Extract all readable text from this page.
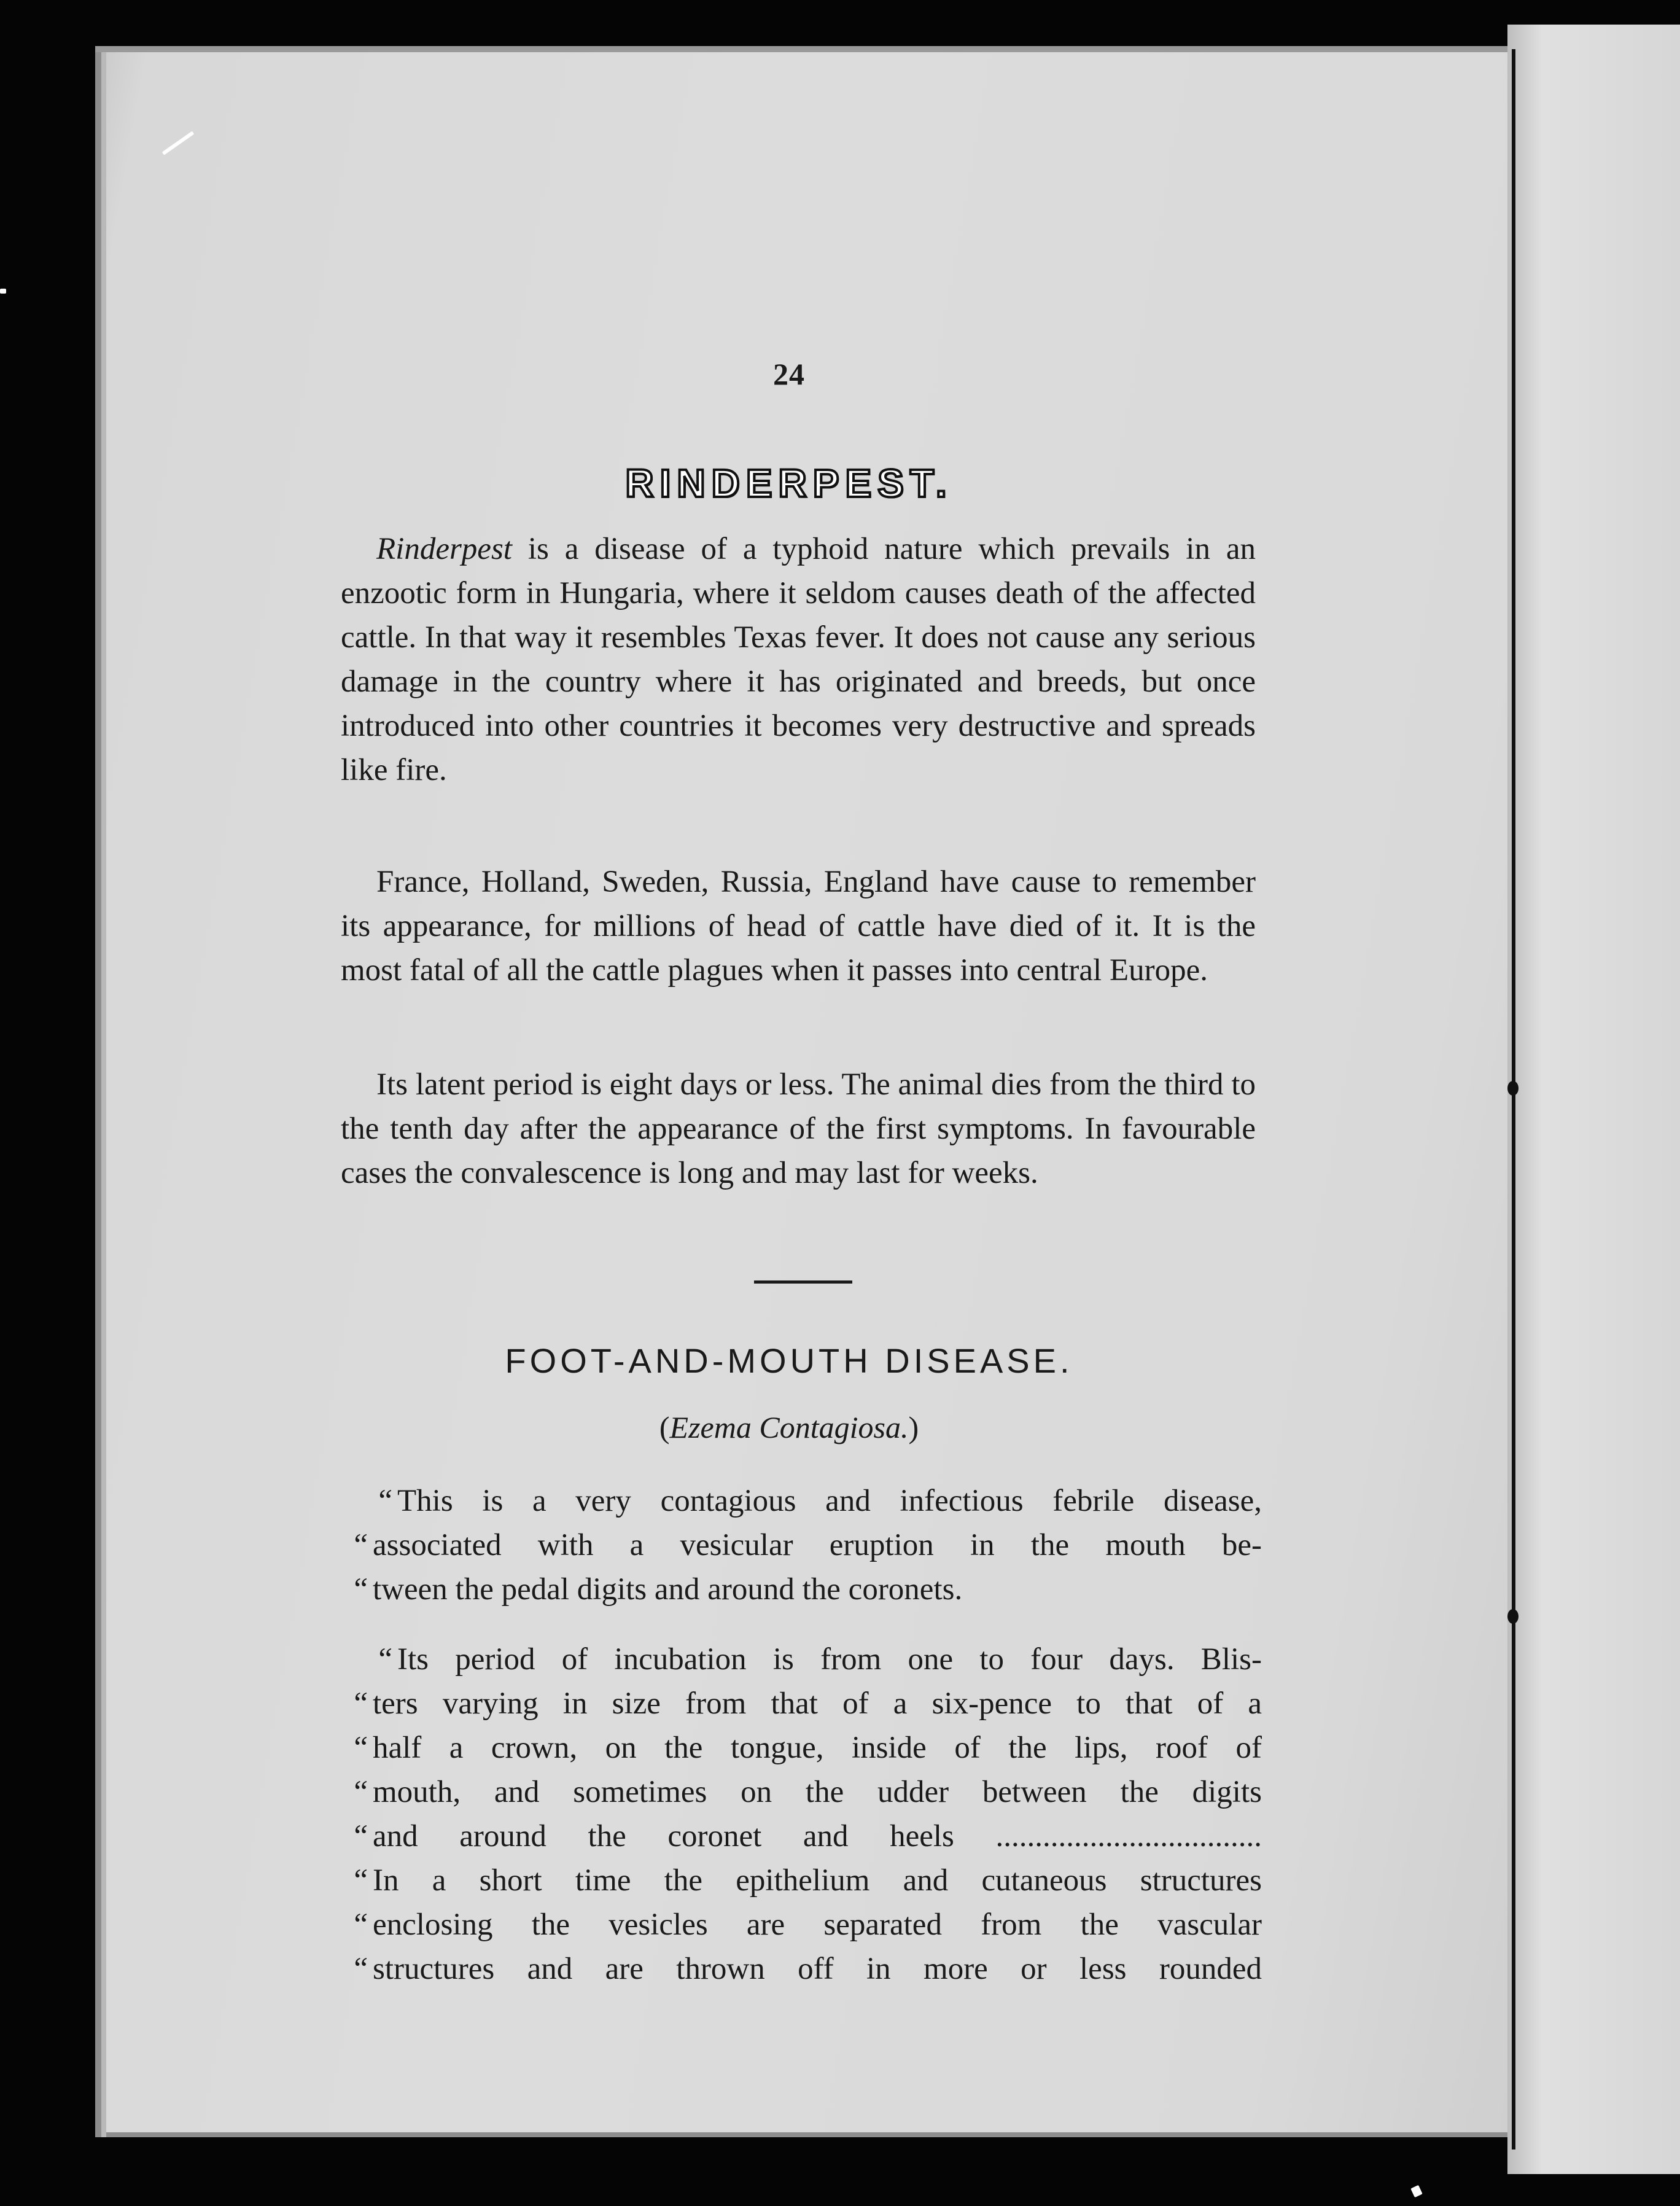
24
RINDERPEST.

Rinderpest is a disease of a typhoid nature which prevails in an enzootic form in Hungaria, where it seldom causes death of the affected cattle. In that way it resembles Texas fever. It does not cause any serious damage in the country where it has originated and breeds, but once introduced into other countries it becomes very destructive and spreads like fire.

France, Holland, Sweden, Russia, England have cause to remember its appearance, for millions of head of cattle have died of it. It is the most fatal of all the cattle plagues when it passes into central Europe.

Its latent period is eight days or less. The animal dies from the third to the tenth day after the appearance of the first symptoms. In favourable cases the convalescence is long and may last for weeks.

FOOT-AND-MOUTH DISEASE.
(Ezema Contagiosa.)
“ This is a very contagious and infectious febrile disease,
“ associated with a vesicular eruption in the mouth be-
“ tween the pedal digits and around the coronets.
“ Its period of incubation is from one to four days. Blis-
“ ters varying in size from that of a six-pence to that of a
“ half a crown, on the tongue, inside of the lips, roof of
“ mouth, and sometimes on the udder between the digits
“ and around the coronet and heels ..................................
“ In a short time the epithelium and cutaneous structures
“ enclosing the vesicles are separated from the vascular
“ structures and are thrown off in more or less rounded
